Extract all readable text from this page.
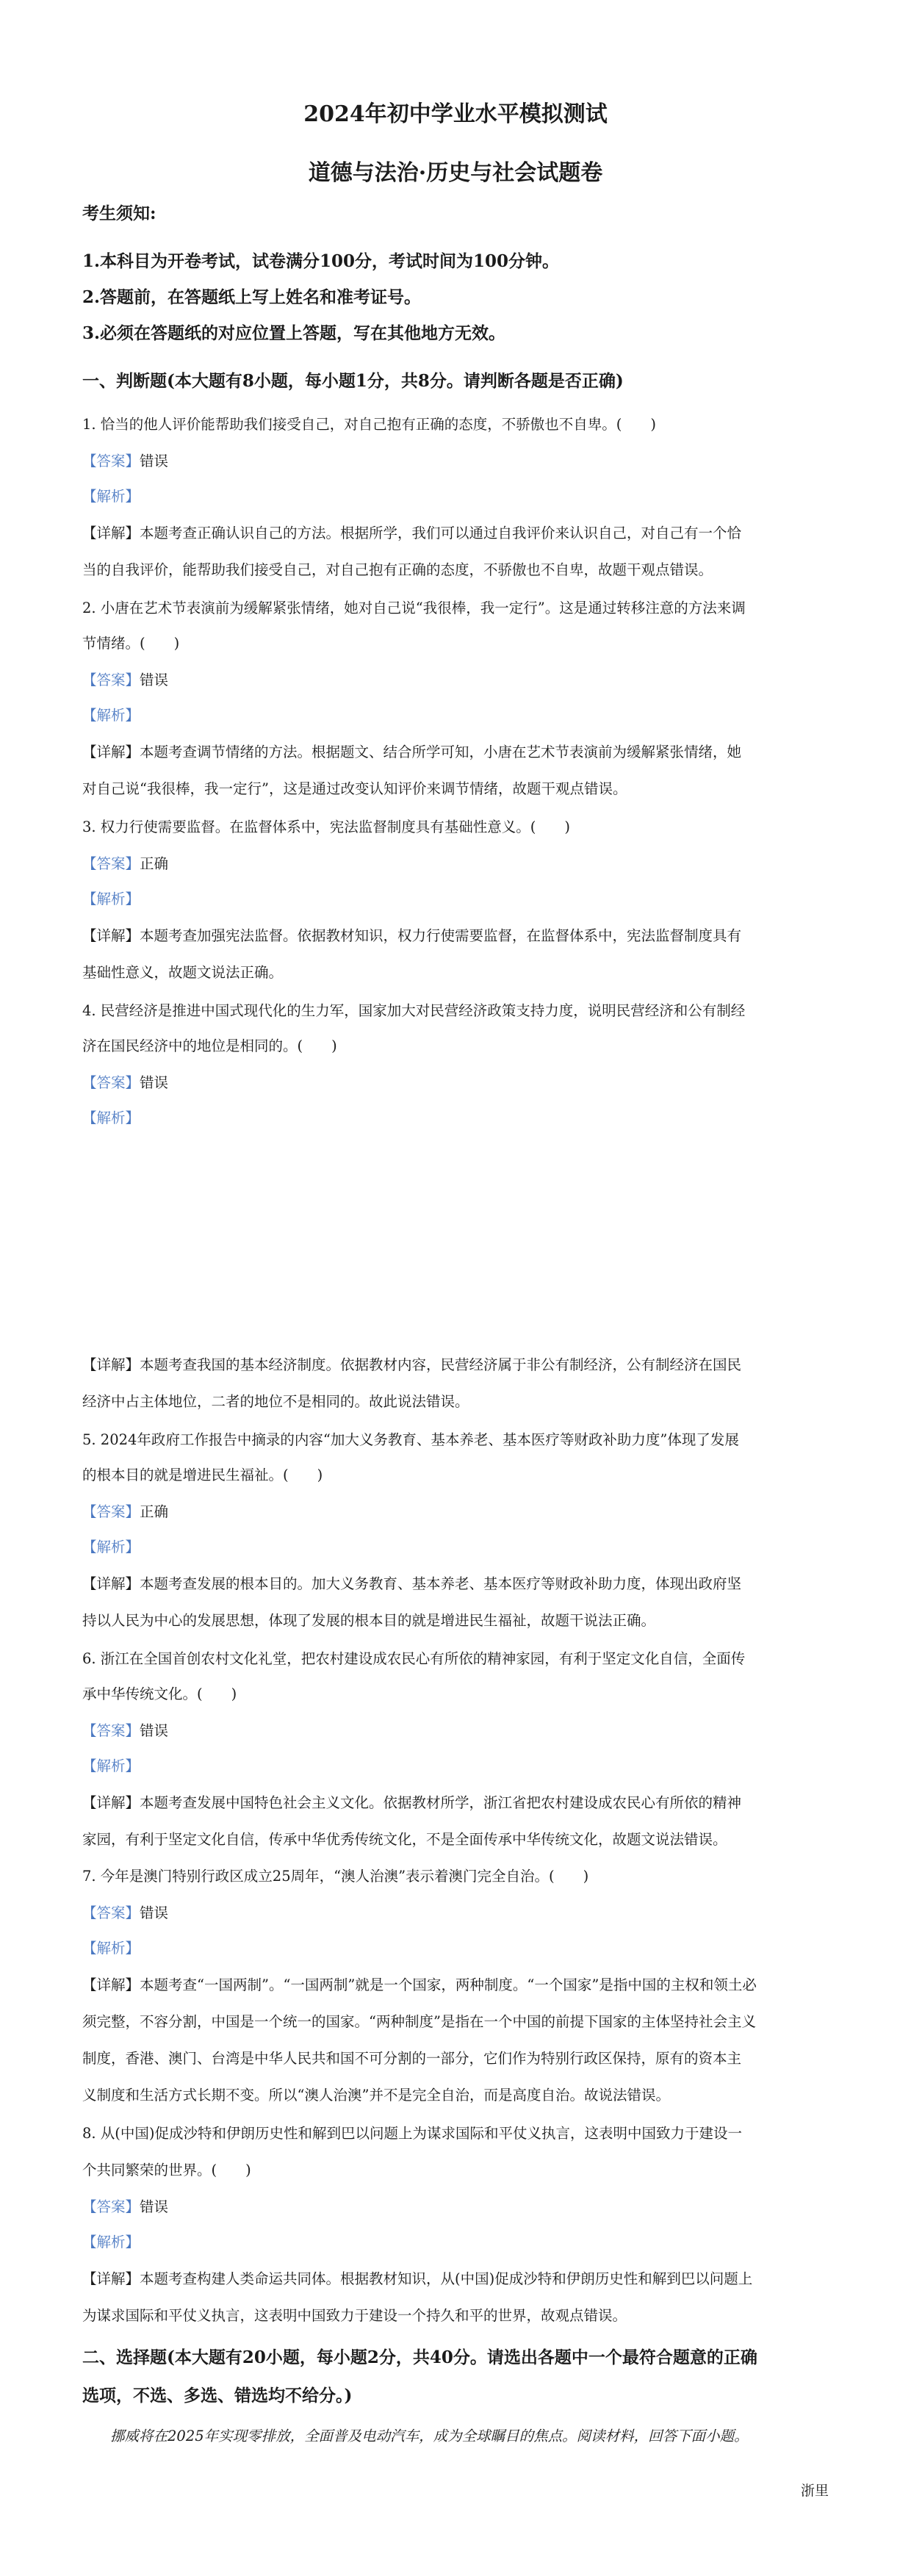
2024年初中学业水平模拟测试
道德与法治·历史与社会试题卷
考生须知:
1.本科目为开卷考试，试卷满分100分，考试时间为100分钟。
2.答题前，在答题纸上写上姓名和准考证号。
3.必须在答题纸的对应位置上答题，写在其他地方无效。
一、判断题(本大题有8小题，每小题1分，共8分。请判断各题是否正确)
1. 恰当的他人评价能帮助我们接受自己，对自己抱有正确的态度，不骄傲也不自卑。(　　)
【答案】错误
【解析】
【详解】本题考查正确认识自己的方法。根据所学，我们可以通过自我评价来认识自己，对自己有一个恰
当的自我评价，能帮助我们接受自己，对自己抱有正确的态度，不骄傲也不自卑，故题干观点错误。
2. 小唐在艺术节表演前为缓解紧张情绪，她对自己说“我很棒，我一定行”。这是通过转移注意的方法来调
节情绪。(　　)
【答案】错误
【解析】
【详解】本题考查调节情绪的方法。根据题文、结合所学可知，小唐在艺术节表演前为缓解紧张情绪，她
对自己说“我很棒，我一定行”，这是通过改变认知评价来调节情绪，故题干观点错误。
3. 权力行使需要监督。在监督体系中，宪法监督制度具有基础性意义。(　　)
【答案】正确
【解析】
【详解】本题考查加强宪法监督。依据教材知识，权力行使需要监督，在监督体系中，宪法监督制度具有
基础性意义，故题文说法正确。
4. 民营经济是推进中国式现代化的生力军，国家加大对民营经济政策支持力度，说明民营经济和公有制经
济在国民经济中的地位是相同的。(　　)
【答案】错误
【解析】
【详解】本题考查我国的基本经济制度。依据教材内容，民营经济属于非公有制经济，公有制经济在国民
经济中占主体地位，二者的地位不是相同的。故此说法错误。
5. 2024年政府工作报告中摘录的内容“加大义务教育、基本养老、基本医疗等财政补助力度”体现了发展
的根本目的就是增进民生福祉。(　　)
【答案】正确
【解析】
【详解】本题考查发展的根本目的。加大义务教育、基本养老、基本医疗等财政补助力度，体现出政府坚
持以人民为中心的发展思想，体现了发展的根本目的就是增进民生福祉，故题干说法正确。
6. 浙江在全国首创农村文化礼堂，把农村建设成农民心有所依的精神家园，有利于坚定文化自信，全面传
承中华传统文化。(　　)
【答案】错误
【解析】
【详解】本题考查发展中国特色社会主义文化。依据教材所学，浙江省把农村建设成农民心有所依的精神
家园，有利于坚定文化自信，传承中华优秀传统文化，不是全面传承中华传统文化，故题文说法错误。
7. 今年是澳门特别行政区成立25周年，“澳人治澳”表示着澳门完全自治。(　　)
【答案】错误
【解析】
【详解】本题考查“一国两制”。“一国两制”就是一个国家，两种制度。“一个国家”是指中国的主权和领土必
须完整，不容分割，中国是一个统一的国家。“两种制度”是指在一个中国的前提下国家的主体坚持社会主义
制度，香港、澳门、台湾是中华人民共和国不可分割的一部分，它们作为特别行政区保持，原有的资本主
义制度和生活方式长期不变。所以“澳人治澳”并不是完全自治，而是高度自治。故说法错误。
8. 从(中国)促成沙特和伊朗历史性和解到巴以问题上为谋求国际和平仗义执言，这表明中国致力于建设一
个共同繁荣的世界。(　　)
【答案】错误
【解析】
【详解】本题考查构建人类命运共同体。根据教材知识，从(中国)促成沙特和伊朗历史性和解到巴以问题上
为谋求国际和平仗义执言，这表明中国致力于建设一个持久和平的世界，故观点错误。
二、选择题(本大题有20小题，每小题2分，共40分。请选出各题中一个最符合题意的正确
选项，不选、多选、错选均不给分。)
挪威将在2025年实现零排放，全面普及电动汽车，成为全球瞩目的焦点。阅读材料，回答下面小题。
浙里
